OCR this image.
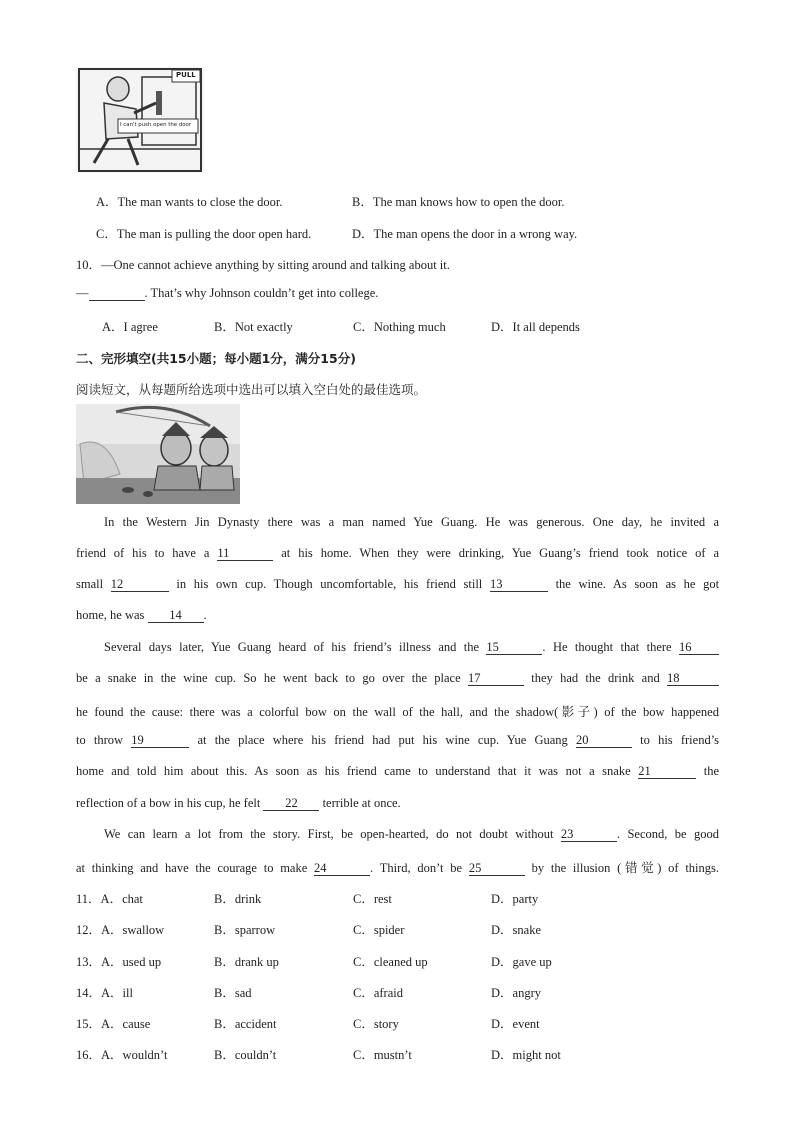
PULL
I can't push open the door
A．The man wants to close the door.	B．The man knows how to open the door.
C．The man is pulling the door open hard.	D．The man opens the door in a wrong way.
10．—One cannot achieve anything by sitting around and talking about it.
—	. That’s why Johnson couldn’t get into college.
A．I agree	B．Not exactly	C．Nothing much	D．It all depends
二、完形填空(共15小题；每小题1分，满分15分)
阅读短文，从每题所给选项中选出可以填入空白处的最佳选项。
In the Western Jin Dynasty there was a man named Yue Guang. He was generous. One day, he invited a
friend of his to have a 11	at his home. When they were drinking, Yue Guang’s friend took notice of a
small 12	in his own cup. Though uncomfortable, his friend still 13	the wine. As soon as he got
home, he was 14 .
Several days later, Yue Guang heard of his friend’s illness and the 15	. He thought that there 16
be a snake in the wine cup. So he went back to go over the place 17	they had the drink and 18
he found the cause: there was a colorful bow on the wall of the hall, and the shadow(影子) of the bow happened
to throw 19	at the place where his friend had put his wine cup. Yue Guang 20	to his friend’s
home and told him about this. As soon as his friend came to understand that it was not a snake 21	the
reflection of a bow in his cup, he felt 22 terrible at once.
We can learn a lot from the story. First, be open-hearted, do not doubt without 23	. Second, be good
at thinking and have the courage to make 24	. Third, don’t be 25	by the illusion (错觉) of things.
11．A．chat	B．drink	C．rest	D．party
12．A．swallow	B．sparrow	C．spider	D．snake
13．A．used up	B．drank up	C．cleaned up	D．gave up
14．A．ill	B．sad	C．afraid	D．angry
15．A．cause	B．accident	C．story	D．event
16．A．wouldn’t	B．couldn’t	C．mustn’t	D．might not
